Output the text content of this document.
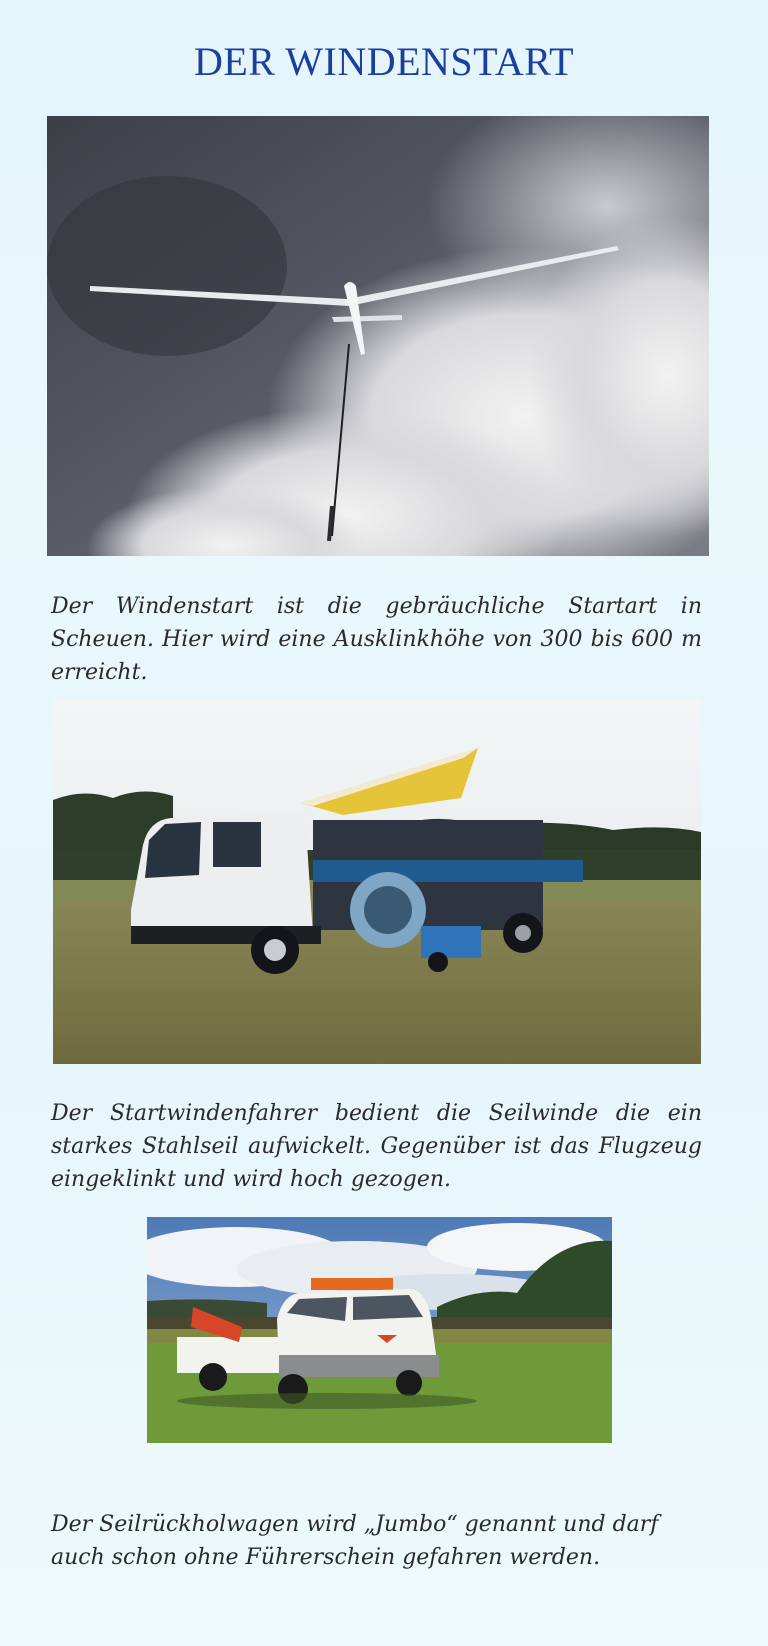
DER WINDENSTART
Der Windenstart ist die gebräuchliche Startart in Scheuen. Hier wird eine Ausklinkhöhe von 300 bis 600 m erreicht.
Der Startwindenfahrer bedient die Seilwinde die ein starkes Stahlseil aufwickelt. Gegenüber ist das Flugzeug eingeklinkt und wird hoch gezogen.
Der Seilrückholwagen wird „Jumbo“ genannt und darf auch schon ohne Führerschein gefahren werden.
